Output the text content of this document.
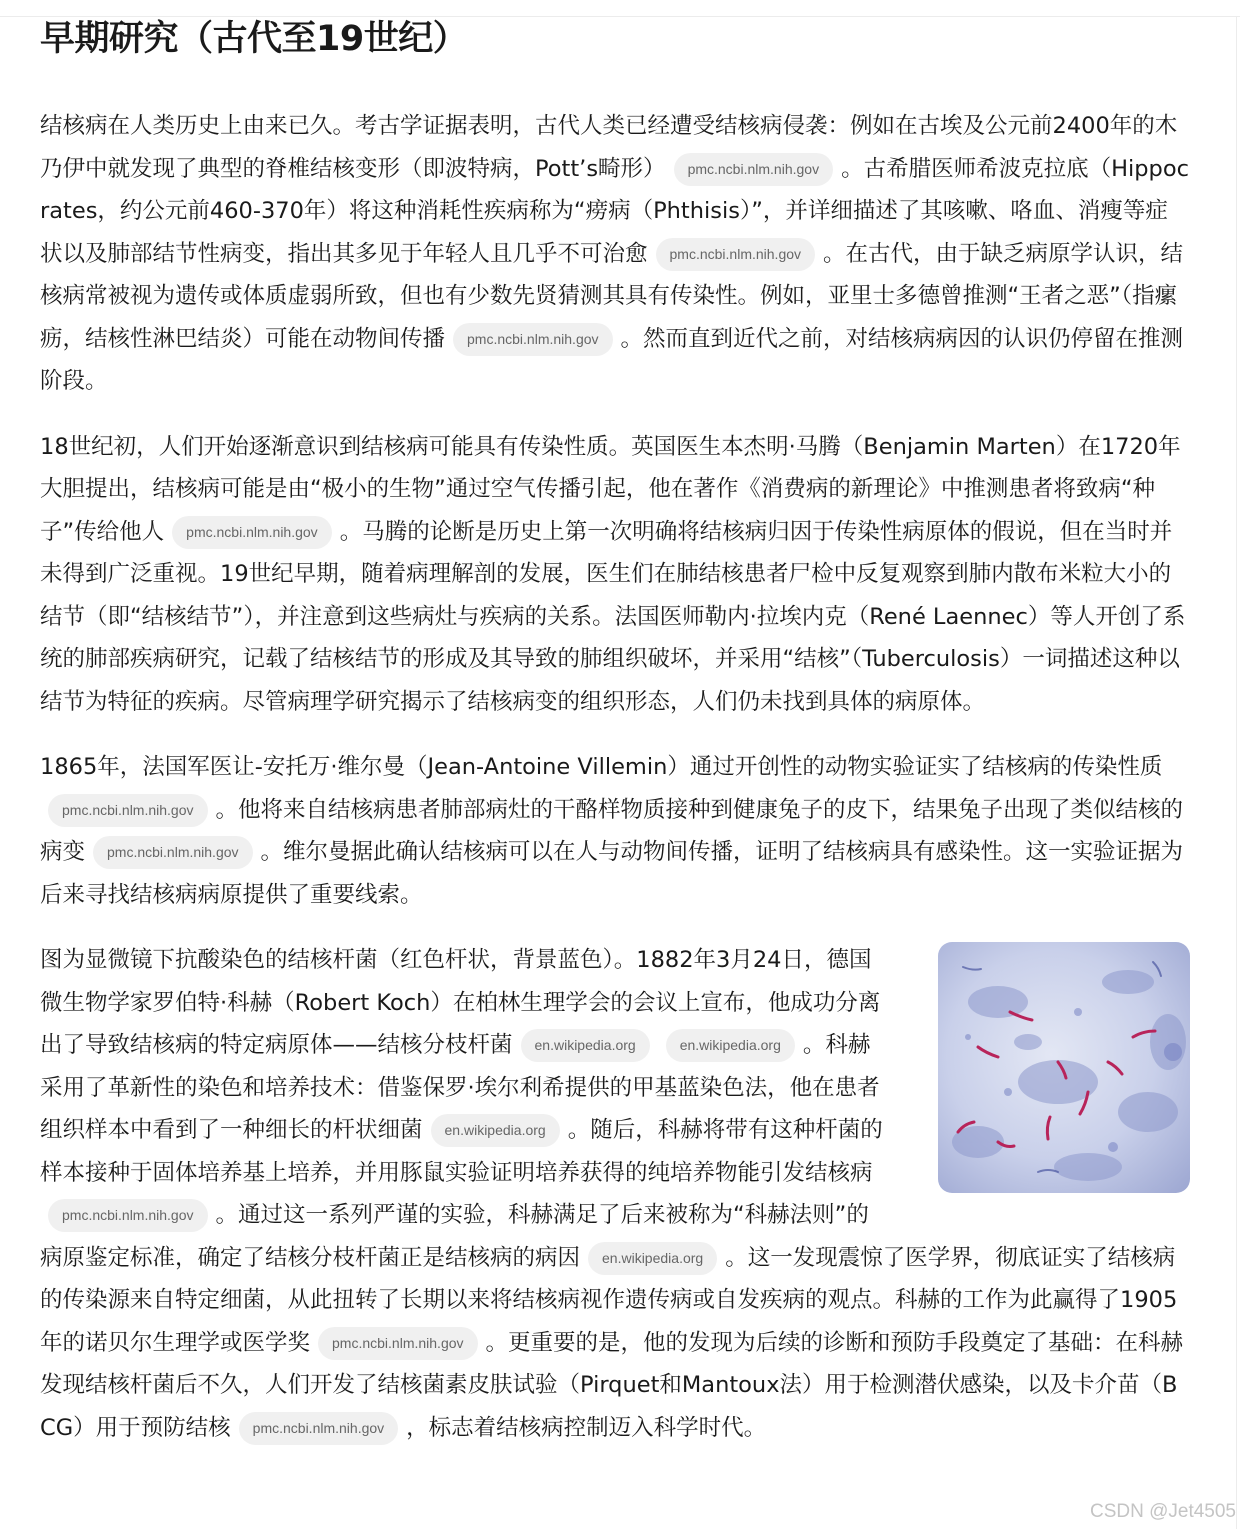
早期研究（古代至19世纪）

结核病在人类历史上由来已久。考古学证据表明，古代人类已经遭受结核病侵袭：例如在古埃及公元前2400年的木乃伊中就发现了典型的脊椎结核变形（即波特病，Pott’s畸形） pmc.ncbi.nlm.nih.gov 。古希腊医师希波克拉底（Hippocrates，约公元前460-370年）将这种消耗性疾病称为“痨病（Phthisis）”，并详细描述了其咳嗽、咯血、消瘦等症状以及肺部结节性病变，指出其多见于年轻人且几乎不可治愈 pmc.ncbi.nlm.nih.gov 。在古代，由于缺乏病原学认识，结核病常被视为遗传或体质虚弱所致，但也有少数先贤猜测其具有传染性。例如，亚里士多德曾推测“王者之恶”（指瘰疬，结核性淋巴结炎）可能在动物间传播 pmc.ncbi.nlm.nih.gov 。然而直到近代之前，对结核病病因的认识仍停留在推测阶段。

18世纪初，人们开始逐渐意识到结核病可能具有传染性质。英国医生本杰明·马腾（Benjamin Marten）在1720年大胆提出，结核病可能是由“极小的生物”通过空气传播引起，他在著作《消费病的新理论》中推测患者将致病“种子”传给他人 pmc.ncbi.nlm.nih.gov 。马腾的论断是历史上第一次明确将结核病归因于传染性病原体的假说，但在当时并未得到广泛重视。19世纪早期，随着病理解剖的发展，医生们在肺结核患者尸检中反复观察到肺内散布米粒大小的结节（即“结核结节”），并注意到这些病灶与疾病的关系。法国医师勒内·拉埃内克（René Laennec）等人开创了系统的肺部疾病研究，记载了结核结节的形成及其导致的肺组织破坏，并采用“结核”（Tuberculosis）一词描述这种以结节为特征的疾病。尽管病理学研究揭示了结核病变的组织形态，人们仍未找到具体的病原体。

1865年，法国军医让-安托万·维尔曼（Jean-Antoine Villemin）通过开创性的动物实验证实了结核病的传染性质pmc.ncbi.nlm.nih.gov 。他将来自结核病患者肺部病灶的干酪样物质接种到健康兔子的皮下，结果兔子出现了类似结核的病变 pmc.ncbi.nlm.nih.gov 。维尔曼据此确认结核病可以在人与动物间传播，证明了结核病具有感染性。这一实验证据为后来寻找结核病病原提供了重要线索。

图为显微镜下抗酸染色的结核杆菌（红色杆状，背景蓝色）。1882年3月24日，德国微生物学家罗伯特·科赫（Robert Koch）在柏林生理学会的会议上宣布，他成功分离出了导致结核病的特定病原体——结核分枝杆菌 en.wikipedia.org	en.wikipedia.org 。科赫采用了革新性的染色和培养技术：借鉴保罗·埃尔利希提供的甲基蓝染色法，他在患者组织样本中看到了一种细长的杆状细菌 en.wikipedia.org 。随后，科赫将带有这种杆菌的样本接种于固体培养基上培养，并用豚鼠实验证明培养获得的纯培养物能引发结核病pmc.ncbi.nlm.nih.gov 。通过这一系列严谨的实验，科赫满足了后来被称为“科赫法则”的病原鉴定标准，确定了结核分枝杆菌正是结核病的病因 en.wikipedia.org 。这一发现震惊了医学界，彻底证实了结核病的传染源来自特定细菌，从此扭转了长期以来将结核病视作遗传病或自发疾病的观点。科赫的工作为此赢得了1905年的诺贝尔生理学或医学奖 pmc.ncbi.nlm.nih.gov 。更重要的是，他的发现为后续的诊断和预防手段奠定了基础：在科赫发现结核杆菌后不久，人们开发了结核菌素皮肤试验（Pirquet和Mantoux法）用于检测潜伏感染，以及卡介苗（BCG）用于预防结核 pmc.ncbi.nlm.nih.gov ，标志着结核病控制迈入科学时代。

CSDN @Jet4505
